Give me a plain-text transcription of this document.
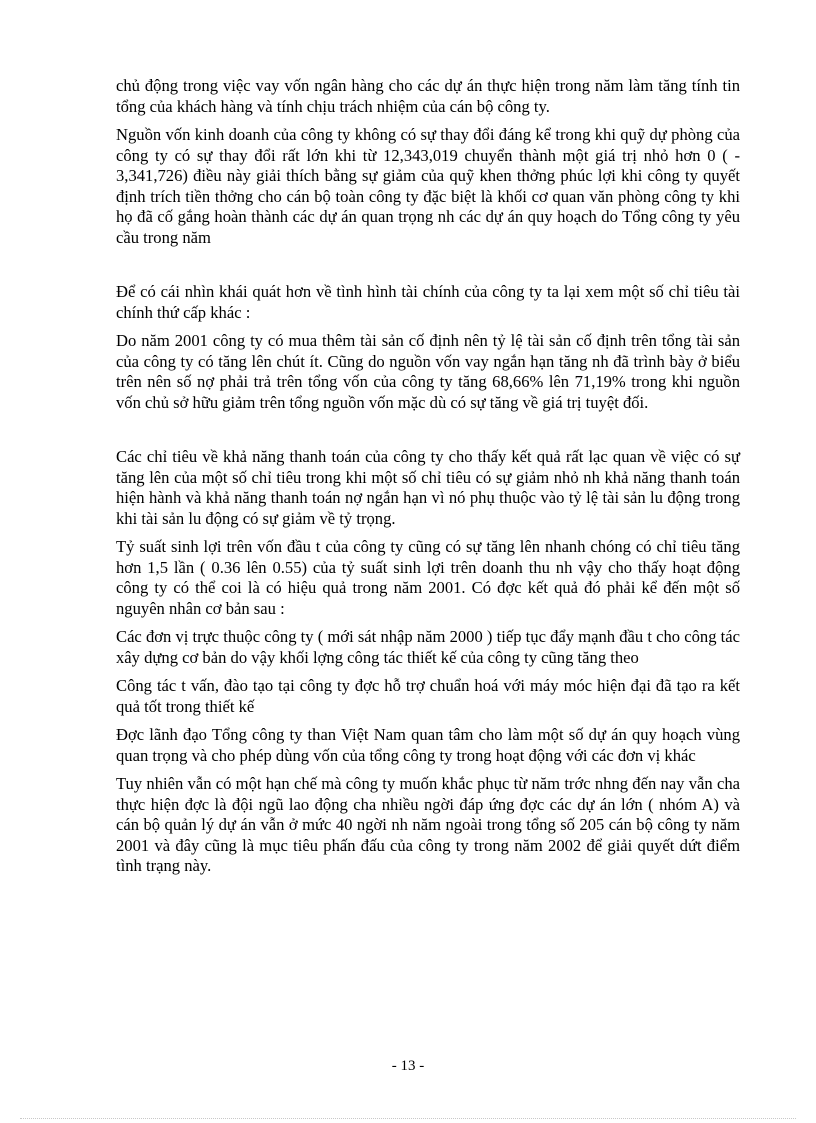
chủ động trong việc vay vốn ngân hàng cho các dự án thực hiện trong năm làm tăng tính tin tổng của khách hàng và tính chịu trách nhiệm của cán bộ công ty.

Nguồn vốn kinh doanh của công ty không có sự thay đổi đáng kể trong khi quỹ dự phòng của công ty có sự thay đổi rất lớn khi từ 12,343,019 chuyển thành một giá trị nhỏ hơn 0 ( - 3,341,726) điều này giải thích bằng sự giảm của quỹ khen thởng phúc lợi khi công ty quyết định trích tiền thởng cho cán bộ toàn công ty đặc biệt là khối cơ quan văn phòng công ty khi họ đã cố gắng hoàn thành các dự án quan trọng nh các dự án quy hoạch do Tổng công ty yêu cầu trong năm

Để có cái nhìn khái quát hơn về tình hình tài chính của công ty ta lại xem một số chỉ tiêu tài chính thứ cấp khác :

Do năm 2001 công ty có mua thêm tài sản cố định nên tỷ lệ tài sản cố định trên tổng tài sản của công ty có tăng lên chút ít. Cũng do nguồn vốn vay ngắn hạn tăng nh đã trình bày ở biểu trên nên số nợ phải trả trên tổng vốn của công ty tăng 68,66% lên 71,19% trong khi nguồn vốn chủ sở hữu giảm trên tổng nguồn vốn mặc dù có sự tăng về giá trị tuyệt đối.

Các chỉ tiêu về khả năng thanh toán của công ty cho thấy kết quả rất lạc quan về việc có sự tăng lên của một số chỉ tiêu trong khi một số chỉ tiêu có sự giảm nhỏ nh khả năng thanh toán hiện hành và khả năng thanh toán nợ ngắn hạn vì nó phụ thuộc vào tỷ lệ tài sản lu động trong khi tài sản lu động có sự giảm về tỷ trọng.

Tỷ suất sinh lợi trên vốn đầu t của công ty cũng có sự tăng lên nhanh chóng có chỉ tiêu tăng hơn 1,5 lần ( 0.36 lên 0.55) của tỷ suất sinh lợi trên doanh thu nh vậy cho thấy hoạt động công ty có thể coi là có hiệu quả trong năm 2001. Có đợc kết quả đó phải kể đến một số nguyên nhân cơ bản sau :

Các đơn vị trực thuộc công ty ( mới sát nhập năm 2000 ) tiếp tục đẩy mạnh đầu t cho công tác xây dựng cơ bản do vậy khối lợng công tác thiết kế của công ty cũng tăng theo

Công tác t vấn, đào tạo tại công ty đợc hỗ trợ chuẩn hoá với máy móc hiện đại đã tạo ra kết quả tốt trong thiết kế

Đợc lãnh đạo Tổng công ty than Việt Nam quan tâm cho làm một số dự án quy hoạch vùng quan trọng và cho phép dùng vốn của tổng công ty trong hoạt động với các đơn vị khác

Tuy nhiên vẫn có một hạn chế mà công ty muốn khắc phục từ năm trớc nhng đến nay vẫn cha thực hiện đợc là đội ngũ lao động cha nhiều ngời đáp ứng đợc các dự án lớn ( nhóm A) và cán bộ quản lý dự án vẫn ở mức 40 ngời nh năm ngoài trong tổng số 205 cán bộ công ty năm 2001 và đây cũng là mục tiêu phấn đấu của công ty trong năm 2002 để giải quyết dứt điểm tình trạng này.

- 13 -
